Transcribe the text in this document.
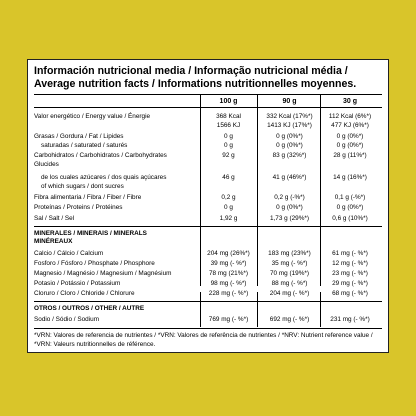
Información nutricional media / Informação nutricional média / Average nutrition facts / Informations nutritionnelles moyennes.
100 g	90 g	30 g
Valor energético / Energy value / Énergie	368 Kcal	332 Kcal (17%*)	112 Kcal (6%*)
1566 KJ	1413 KJ (17%*)	477 KJ (6%*)
Grasas / Gordura / Fat / Lipides	0 g	0 g (0%*)	0 g (0%*)
saturadas / saturated / saturés	0 g	0 g (0%*)	0 g (0%*)
Carbohidratos / Carbohidratos / Carbohydrates	92 g	83 g (32%*)	28 g (11%*)
Glucides
de los cuales azúcares / dos quais açúcares	46 g	41 g (46%*)	14 g (16%*)
of which sugars / dont sucres
Fibra alimentaria / Fibra / Fiber / Fibre	0,2 g	0,2 g (-%*)	0,1 g (-%*)
Proteínas / Proteins / Protéines	0 g	0 g (0%*)	0 g (0%*)
Sal / Salt / Sel	1,92 g	1,73 g (29%*)	0,6 g (10%*)
MINERALES / MINERAIS / MINERALS
MINÉREAUX
Calcio / Cálcio / Calcium	204 mg (26%*)	183 mg (23%*)	61 mg (- %*)
Fosforo / Fósforo / Phosphate / Phosphore	39 mg (- %*)	35 mg (- %*)	12 mg (- %*)
Magnesio / Magnésio / Magnesium / Magnésium	78 mg (21%*)	70 mg (19%*)	23 mg (- %*)
Potasio / Potássio / Potassium	98 mg (- %*)	88 mg (- %*)	29 mg (- %*)
Cloruro / Cloro / Chloride / Chlorure	228 mg (- %*)	204 mg (- %*)	68 mg (- %*)
OTROS / OUTROS / OTHER / AUTRE
Sodio / Sódio / Sodium	769 mg (- %*)	692 mg (- %*)	231 mg (- %*)
*VRN: Valores de referencia de nutrientes / *VRN: Valores de referência de nutrientes / *NRV: Nutrient reference value / *VRN: Valeurs nutritionnelles de référence.
